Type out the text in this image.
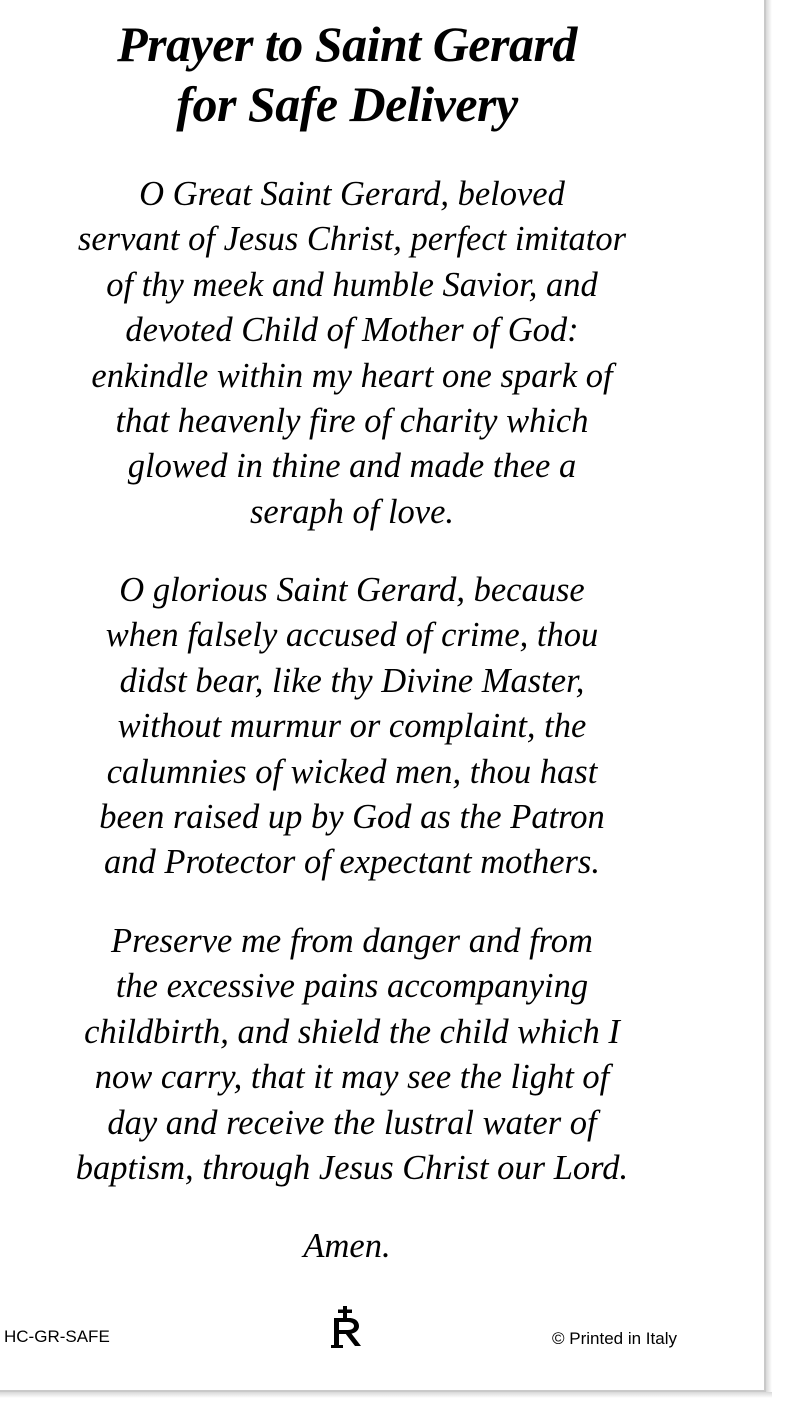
Prayer to Saint Gerard
for Safe Delivery
O Great Saint Gerard, beloved
servant of Jesus Christ, perfect imitator
of thy meek and humble Savior, and
devoted Child of Mother of God:
enkindle within my heart one spark of
that heavenly fire of charity which
glowed in thine and made thee a
seraph of love.
O glorious Saint Gerard, because
when falsely accused of crime, thou
didst bear, like thy Divine Master,
without murmur or complaint, the
calumnies of wicked men, thou hast
been raised up by God as the Patron
and Protector of expectant mothers.
Preserve me from danger and from
the excessive pains accompanying
childbirth, and shield the child which I
now carry, that it may see the light of
day and receive the lustral water of
baptism, through Jesus Christ our Lord.
Amen.
HC-GR-SAFE	© Printed in Italy
